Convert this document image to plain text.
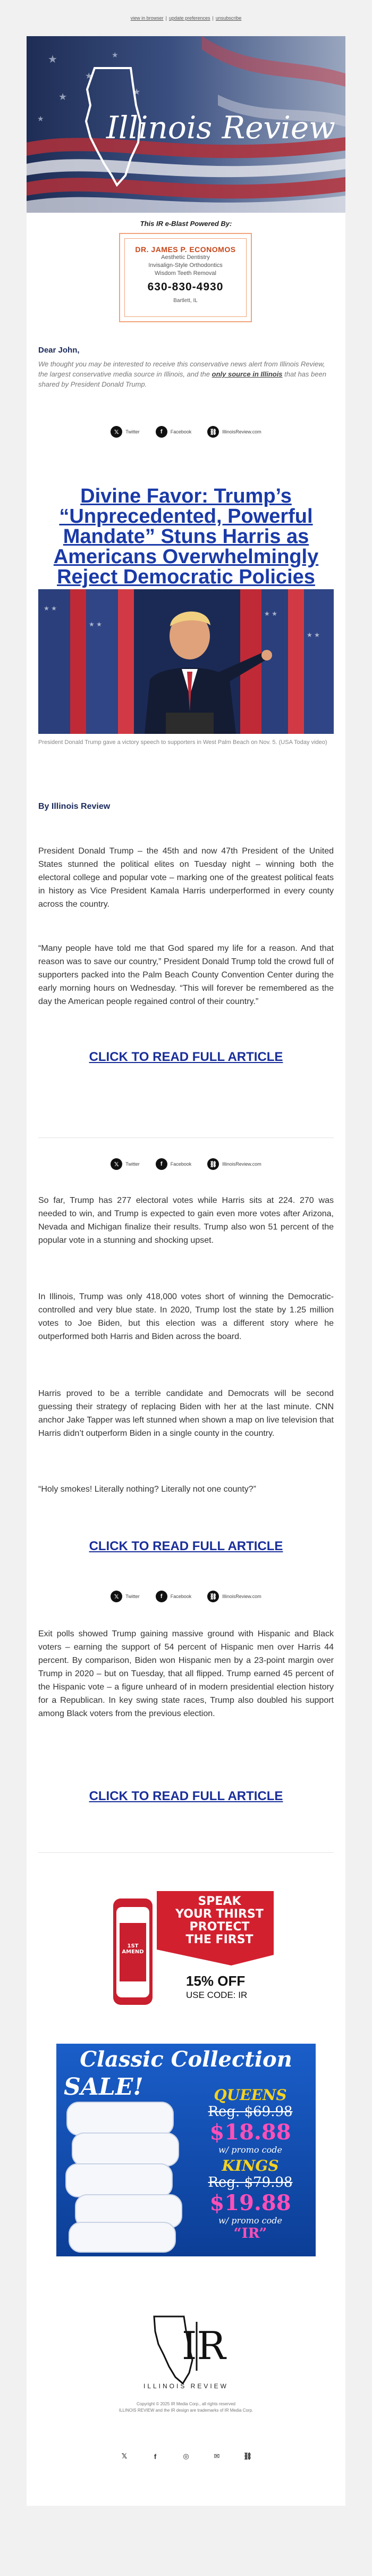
view in browser | update preferences | unsubscribe
★
★
★
★
★
★ Illinois Review
This IR e-Blast Powered By:
DR. JAMES P. ECONOMOS
Aesthetic Dentistry
Invisalign-Style Orthodontics
Wisdom Teeth Removal
630-830-4930
Bartlett, IL
Dear John,
We thought you may be interested to receive this conservative news alert from Illinois Review, the largest conservative media source in Illinois, and the only source in Illinois that has been shared by President Donald Trump.
𝕏	Twitter	f	Facebook	⛓	IllinoisReview.com
Divine Favor: Trump’s “Unprecedented, Powerful Mandate” Stuns Harris as Americans Overwhelmingly Reject Democratic Policies
★ ★
★ ★
★ ★
★ ★
President Donald Trump gave a victory speech to supporters in West Palm Beach on Nov. 5. (USA Today video)
By Illinois Review
President Donald Trump – the 45th and now 47th President of the United States stunned the political elites on Tuesday night – winning both the electoral college and popular vote – marking one of the greatest political feats in history as Vice President Kamala Harris underperformed in every county across the country.
“Many people have told me that God spared my life for a reason. And that reason was to save our country,” President Donald Trump told the crowd full of supporters packed into the Palm Beach County Convention Center during the early morning hours on Wednesday. “This will forever be remembered as the day the American people regained control of their country.”
CLICK TO READ FULL ARTICLE
𝕏	Twitter	f	Facebook	⛓	IllinoisReview.com
So far, Trump has 277 electoral votes while Harris sits at 224. 270 was needed to win, and Trump is expected to gain even more votes after Arizona, Nevada and Michigan finalize their results. Trump also won 51 percent of the popular vote in a stunning and shocking upset.
In Illinois, Trump was only 418,000 votes short of winning the Democratic-controlled and very blue state. In 2020, Trump lost the state by 1.25 million votes to Joe Biden, but this election was a different story where he outperformed both Harris and Biden across the board.
Harris proved to be a terrible candidate and Democrats will be second guessing their strategy of replacing Biden with her at the last minute. CNN anchor Jake Tapper was left stunned when shown a map on live television that Harris didn’t outperform Biden in a single county in the country.
“Holy smokes! Literally nothing? Literally not one county?”
CLICK TO READ FULL ARTICLE
𝕏	Twitter	f	Facebook	⛓	IllinoisReview.com
Exit polls showed Trump gaining massive ground with Hispanic and Black voters – earning the support of 54 percent of Hispanic men over Harris 44 percent. By comparison, Biden won Hispanic men by a 23-point margin over Trump in 2020 – but on Tuesday, that all flipped. Trump earned 45 percent of the Hispanic vote – a figure unheard of in modern presidential election history for a Republican. In key swing state races, Trump also doubled his support among Black voters from the previous election.
CLICK TO READ FULL ARTICLE
1ST AMEND
SPEAK
YOUR THIRST
PROTECT
THE FIRST
15% OFF
USE CODE: IR
Classic Collection
SALE!	QUEENS
Reg. $69.98
$18.88
w/ promo code
KINGS
Reg. $79.98
$19.88
w/ promo code
“IR”
IR
ILLINOIS REVIEW
Copyright © 2025 IR Media Corp., all rights reserved
ILLINOIS REVIEW and the IR design are trademarks of IR Media Corp.
𝕏	f	◎	✉	⛓
